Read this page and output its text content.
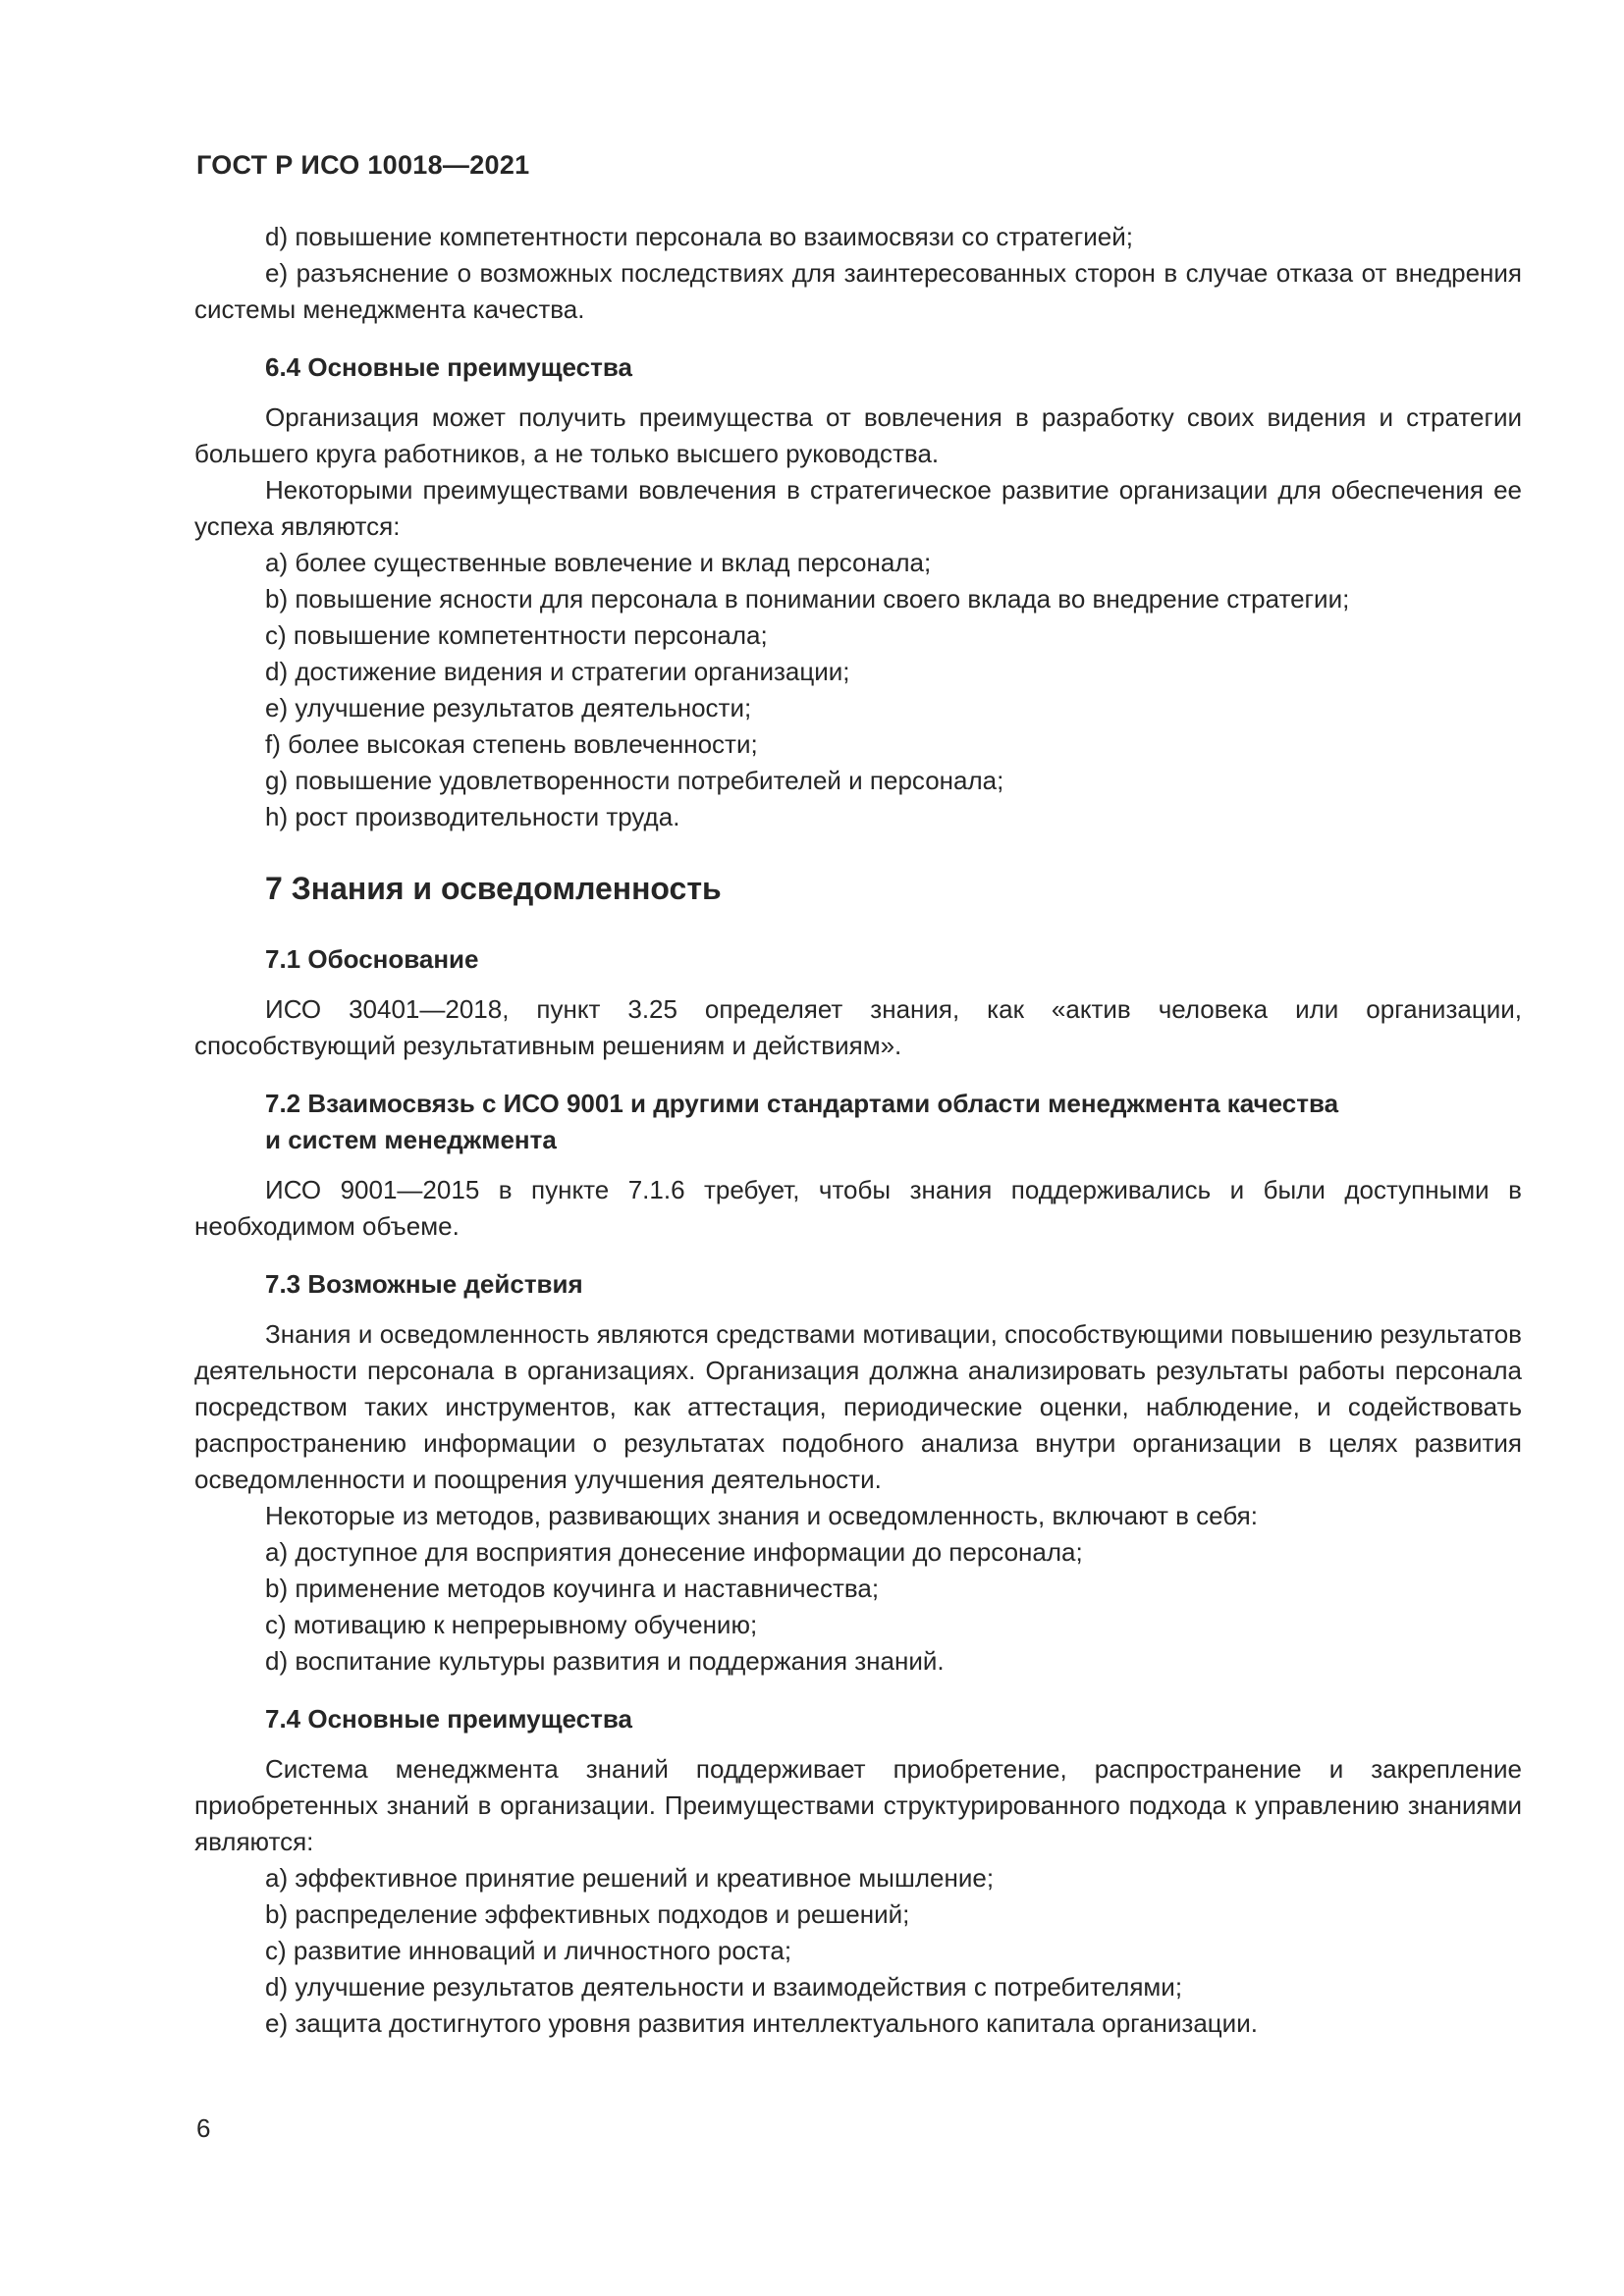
ГОСТ Р ИСО 10018—2021

d) повышение компетентности персонала во взаимосвязи со стратегией;

e) разъяснение о возможных последствиях для заинтересованных сторон в случае отказа от внедрения системы менеджмента качества.

6.4 Основные преимущества

Организация может получить преимущества от вовлечения в разработку своих видения и стратегии большего круга работников, а не только высшего руководства.

Некоторыми преимуществами вовлечения в стратегическое развитие организации для обеспечения ее успеха являются:

a) более существенные вовлечение и вклад персонала;

b) повышение ясности для персонала в понимании своего вклада во внедрение стратегии;

c) повышение компетентности персонала;

d) достижение видения и стратегии организации;

e) улучшение результатов деятельности;

f) более высокая степень вовлеченности;

g) повышение удовлетворенности потребителей и персонала;

h) рост производительности труда.

7 Знания и осведомленность
7.1 Обоснование

ИСО 30401—2018, пункт 3.25 определяет знания, как «актив человека или организации, способствующий результативным решениям и действиям».

7.2 Взаимосвязь с ИСО 9001 и другими стандартами области менеджмента качества
и систем менеджмента

ИСО 9001—2015 в пункте 7.1.6 требует, чтобы знания поддерживались и были доступными в необходимом объеме.

7.3 Возможные действия

Знания и осведомленность являются средствами мотивации, способствующими повышению результатов деятельности персонала в организациях. Организация должна анализировать результаты работы персонала посредством таких инструментов, как аттестация, периодические оценки, наблюдение, и содействовать распространению информации о результатах подобного анализа внутри организации в целях развития осведомленности и поощрения улучшения деятельности.

Некоторые из методов, развивающих знания и осведомленность, включают в себя:

a) доступное для восприятия донесение информации до персонала;

b) применение методов коучинга и наставничества;

c) мотивацию к непрерывному обучению;

d) воспитание культуры развития и поддержания знаний.

7.4 Основные преимущества

Система менеджмента знаний поддерживает приобретение, распространение и закрепление приобретенных знаний в организации. Преимуществами структурированного подхода к управлению знаниями являются:

a) эффективное принятие решений и креативное мышление;

b) распределение эффективных подходов и решений;

c) развитие инноваций и личностного роста;

d) улучшение результатов деятельности и взаимодействия с потребителями;

e) защита достигнутого уровня развития интеллектуального капитала организации.

6
